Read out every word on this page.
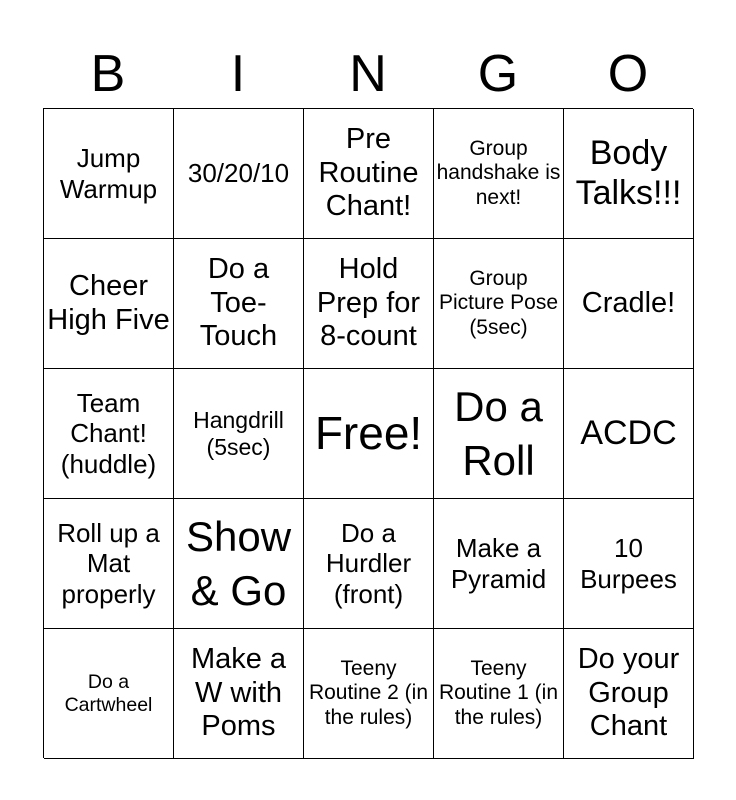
B	I	N	G	O
Jump Warmup
30/20/10
Pre Routine Chant!
Group handshake is next!
Body Talks!!!
Cheer High Five
Do a Toe-Touch
Hold Prep for 8-count
Group Picture Pose (5sec)
Cradle!
Team Chant! (huddle)
Hangdrill (5sec) Free!
Do a Roll
ACDC
Roll up a Mat properly
Show & Go
Do a Hurdler (front)
Make a Pyramid
10 Burpees
Do a Cartwheel
Make a W with Poms
Teeny Routine 2 (in the rules)
Teeny Routine 1 (in the rules)
Do your Group Chant
